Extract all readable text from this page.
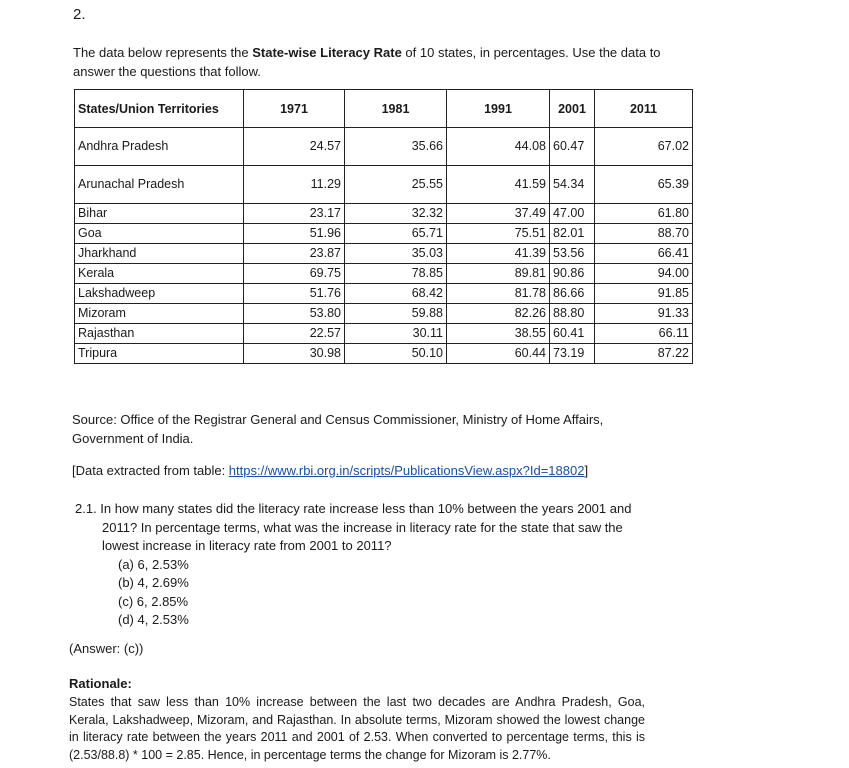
2.
The data below represents the State-wise Literacy Rate of 10 states, in percentages. Use the data to answer the questions that follow.
States/Union Territories	1971	1981	1991	2001	2011
Andhra Pradesh	24.57	35.66	44.08	60.47	67.02
Arunachal Pradesh	11.29	25.55	41.59	54.34	65.39
Bihar	23.17	32.32	37.49	47.00	61.80
Goa	51.96	65.71	75.51	82.01	88.70
Jharkhand	23.87	35.03	41.39	53.56	66.41
Kerala	69.75	78.85	89.81	90.86	94.00
Lakshadweep	51.76	68.42	81.78	86.66	91.85
Mizoram	53.80	59.88	82.26	88.80	91.33
Rajasthan	22.57	30.11	38.55	60.41	66.11
Tripura	30.98	50.10	60.44	73.19	87.22
Source: Office of the Registrar General and Census Commissioner, Ministry of Home Affairs, Government of India.
[Data extracted from table: https://www.rbi.org.in/scripts/PublicationsView.aspx?Id=18802]
2.1. In how many states did the literacy rate increase less than 10% between the years 2001 and 2011? In percentage terms, what was the increase in literacy rate for the state that saw the lowest increase in literacy rate from 2001 to 2011?
(a) 6, 2.53%
(b) 4, 2.69%
(c) 6, 2.85%
(d) 4, 2.53%
(Answer: (c))
Rationale:
States that saw less than 10% increase between the last two decades are Andhra Pradesh, Goa, Kerala, Lakshadweep, Mizoram, and Rajasthan. In absolute terms, Mizoram showed the lowest change in literacy rate between the years 2011 and 2001 of 2.53. When converted to percentage terms, this is (2.53/88.8) * 100 = 2.85. Hence, in percentage terms the change for Mizoram is 2.77%.
